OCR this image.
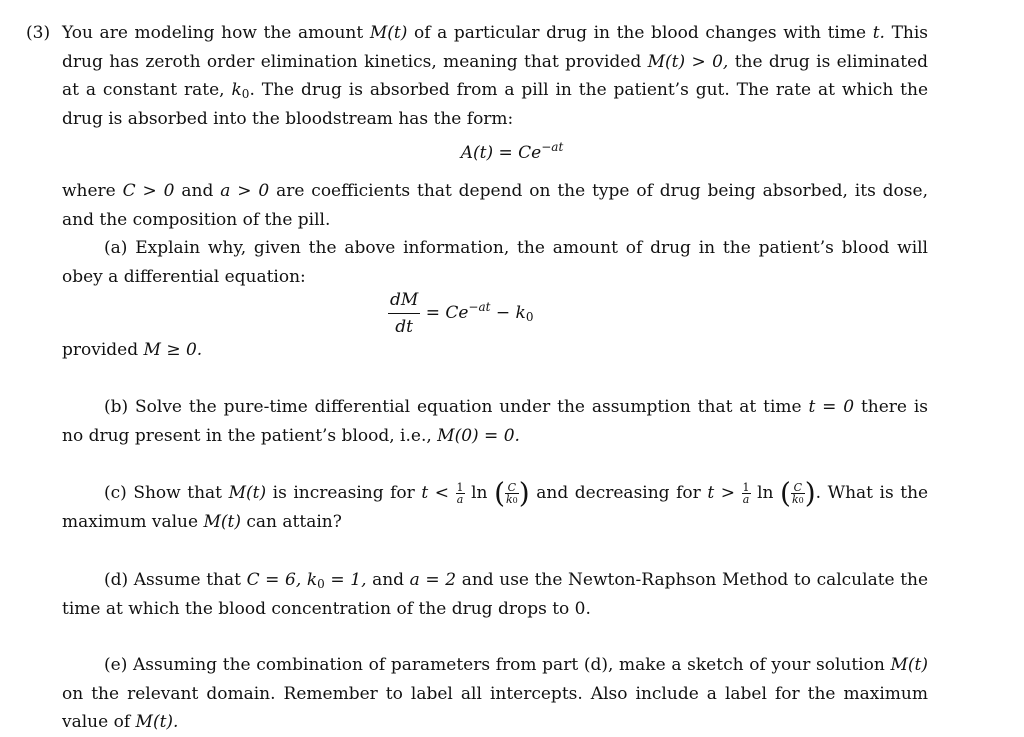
(3) You are modeling how the amount M(t) of a particular drug in the blood changes with time t. This drug has zeroth order elimination kinetics, meaning that provided M(t) > 0, the drug is eliminated at a constant rate, $k_0$. The drug is absorbed from a pill in the patient’s gut. The rate at which the drug is absorbed into the bloodstream has the form:
$A(t) = Ce^{-at}$
where C > 0 and a > 0 are coefficients that depend on the type of drug being absorbed, its dose, and the composition of the pill.
(a) Explain why, given the above information, the amount of drug in the patient’s blood will obey a differential equation:
$\frac{dM}{dt} = Ce^{-at} - k_0$
provided M ≥ 0.
(b) Solve the pure-time differential equation under the assumption that at time t = 0 there is no drug present in the patient’s blood, i.e., M(0) = 0.
(c) Show that M(t) is increasing for $t < \frac{1}{a}$ ln ( $\frac{C}{k0}$ ) and decreasing for $t > \frac{1}{a}$ ln ( $\frac{C}{k0}$ ). What is the maximum value M(t) can attain?
(d) Assume that C = 6, $k_0 = 1$, and a = 2 and use the Newton-Raphson Method to calculate the time at which the blood concentration of the drug drops to 0.
(e) Assuming the combination of parameters from part (d), make a sketch of your solution M(t) on the relevant domain. Remember to label all intercepts. Also include a label for the maximum value of M(t).
